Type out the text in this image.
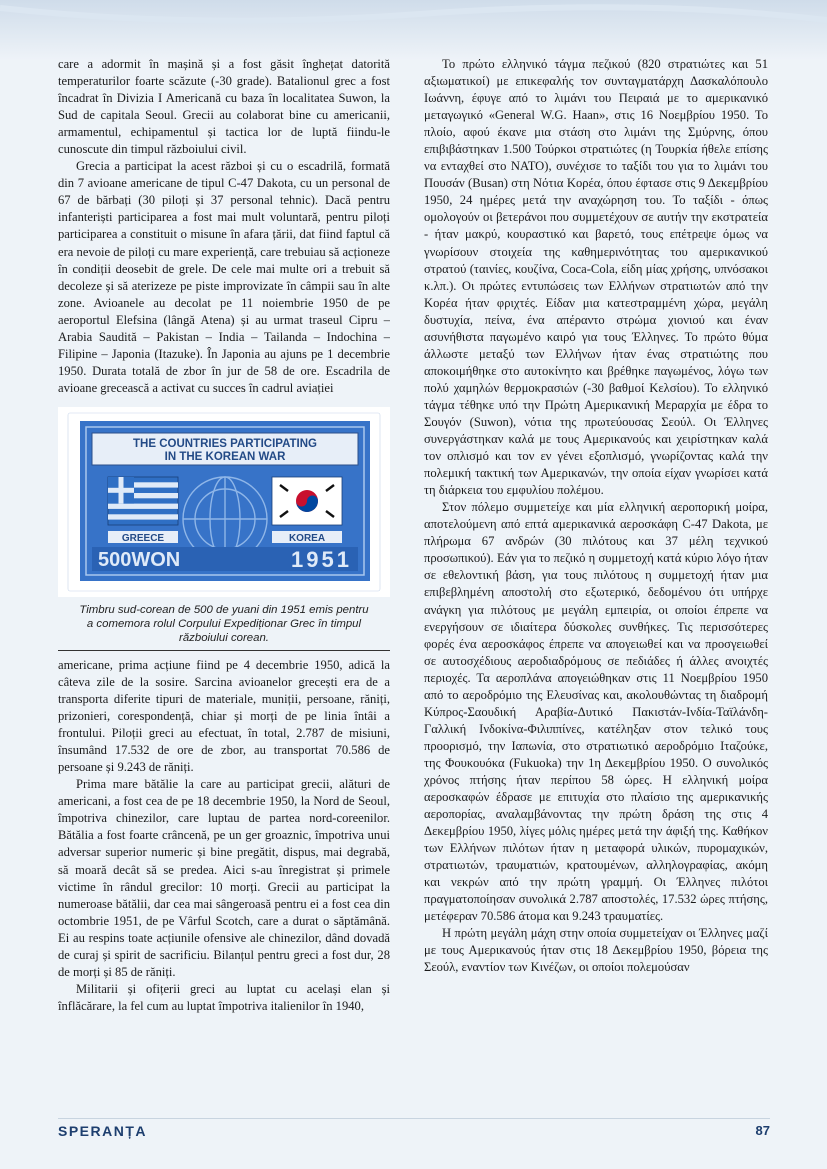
care a adormit în mașină și a fost găsit înghețat datorită temperaturilor foarte scăzute (-30 grade). Batalionul grec a fost încadrat în Divizia I Americană cu baza în localitatea Suwon, la Sud de capitala Seoul. Grecii au colaborat bine cu americanii, armamentul, echipamentul și tactica lor de luptă fiindu-le cunoscute din timpul războiului civil.

Grecia a participat la acest război și cu o escadrilă, formată din 7 avioane americane de tipul C-47 Dakota, cu un personal de 67 de bărbați (30 piloți și 37 personal tehnic). Dacă pentru infanteriști participarea a fost mai mult voluntară, pentru piloți participarea a constituit o misune în afara țării, dat fiind faptul că era nevoie de piloți cu mare experiență, care trebuiau să acționeze în condiții deosebit de grele. De cele mai multe ori a trebuit să decoleze și să aterizeze pe piste improvizate în câmpii sau în alte zone. Avioanele au decolat pe 11 noiembrie 1950 de pe aeroportul Elefsina (lângă Atena) și au urmat traseul Cipru – Arabia Saudită – Pakistan – India – Tailanda – Indochina – Filipine – Japonia (Itazuke). În Japonia au ajuns pe 1 decembrie 1950. Durata totală de zbor în jur de 58 de ore. Escadrila de avioane grecească a activat cu succes în cadrul aviației

THE COUNTRIES PARTICIPATING
IN THE KOREAN WAR
GREECE	KOREA
500WON	1951
Timbru sud-corean de 500 de yuani din 1951 emis pentru
a comemora rolul Corpului Expediționar Grec în timpul
războiului corean.

americane, prima acțiune fiind pe 4 decembrie 1950, adică la câteva zile de la sosire. Sarcina avioanelor grecești era de a transporta diferite tipuri de materiale, muniții, persoane, răniți, prizonieri, corespondență, chiar și morți de pe linia întâi a frontului. Piloții greci au efectuat, în total, 2.787 de misiuni, însumând 17.532 de ore de zbor, au transportat 70.586 de persoane și 9.243 de răniți.

Prima mare bătălie la care au participat grecii, alături de americani, a fost cea de pe 18 decembrie 1950, la Nord de Seoul, împotriva chinezilor, care luptau de partea nord-coreenilor. Bătălia a fost foarte crâncenă, pe un ger groaznic, împotriva unui adversar superior numeric și bine pregătit, dispus, mai degrabă, să moară decât să se predea. Aici s-au înregistrat și primele victime în rândul grecilor: 10 morți. Grecii au participat la numeroase bătălii, dar cea mai sângeroasă pentru ei a fost cea din octombrie 1951, de pe Vârful Scotch, care a durat o săptămână. Ei au respins toate acțiunile ofensive ale chinezilor, dând dovadă de curaj și spirit de sacrificiu. Bilanțul pentru greci a fost dur, 28 de morți și 85 de răniți.

Militarii și ofițerii greci au luptat cu același elan și înflăcărare, la fel cum au luptat împotriva italienilor în 1940,

Το πρώτο ελληνικό τάγμα πεζικού (820 στρατιώτες και 51 αξιωματικοί) με επικεφαλής τον συνταγματάρχη Δασκαλόπουλο Ιωάννη, έφυγε από το λιμάνι του Πειραιά με το αμερικανικό μεταγωγικό «General W.G. Haan», στις 16 Νοεμβρίου 1950. Το πλοίο, αφού έκανε μια στάση στο λιμάνι της Σμύρνης, όπου επιβιβάστηκαν 1.500 Τούρκοι στρατιώτες (η Τουρκία ήθελε επίσης να ενταχθεί στο NATO), συνέχισε το ταξίδι του για το λιμάνι του Πουσάν (Busan) στη Νότια Κορέα, όπου έφτασε στις 9 Δεκεμβρίου 1950, 24 ημέρες μετά την αναχώρηση του. Το ταξίδι - όπως ομολογούν οι βετεράνοι που συμμετέχουν σε αυτήν την εκστρατεία - ήταν μακρύ, κουραστικό και βαρετό, τους επέτρεψε όμως να γνωρίσουν στοιχεία της καθημερινότητας του αμερικανικού στρατού (ταινίες, κουζίνα, Coca-Cola, είδη μίας χρήσης, υπνόσακοι κ.λπ.). Οι πρώτες εντυπώσεις των Ελλήνων στρατιωτών από την Κορέα ήταν φριχτές. Είδαν μια κατεστραμμένη χώρα, μεγάλη δυστυχία, πείνα, ένα απέραντο στρώμα χιονιού και έναν ασυνήθιστα παγωμένο καιρό για τους Έλληνες. Το πρώτο θύμα άλλωστε μεταξύ των Ελλήνων ήταν ένας στρατιώτης που αποκοιμήθηκε στο αυτοκίνητο και βρέθηκε παγωμένος, λόγω των πολύ χαμηλών θερμοκρασιών (-30 βαθμοί Κελσίου). Το ελληνικό τάγμα τέθηκε υπό την Πρώτη Αμερικανική Μεραρχία με έδρα το Σουγόν (Suwon), νότια της πρωτεύουσας Σεούλ. Οι Έλληνες συνεργάστηκαν καλά με τους Αμερικανούς και χειρίστηκαν καλά τον οπλισμό και τον εν γένει εξοπλισμό, γνωρίζοντας καλά την πολεμική τακτική των Αμερικανών, την οποία είχαν γνωρίσει κατά τη διάρκεια του εμφυλίου πολέμου.

Στον πόλεμο συμμετείχε και μία ελληνική αεροπορική μοίρα, αποτελούμενη από επτά αμερικανικά αεροσκάφη C-47 Dakota, με πλήρωμα 67 ανδρών (30 πιλότους και 37 μέλη τεχνικού προσωπικού). Εάν για το πεζικό η συμμετοχή κατά κύριο λόγο ήταν σε εθελοντική βάση, για τους πιλότους η συμμετοχή ήταν μια επιβεβλημένη αποστολή στο εξωτερικό, δεδομένου ότι υπήρχε ανάγκη για πιλότους με μεγάλη εμπειρία, οι οποίοι έπρεπε να ενεργήσουν σε ιδιαίτερα δύσκολες συνθήκες. Τις περισσότερες φορές ένα αεροσκάφος έπρεπε να απογειωθεί και να προσγειωθεί σε αυτοσχέδιους αεροδιαδρόμους σε πεδιάδες ή άλλες ανοιχτές περιοχές. Τα αεροπλάνα απογειώθηκαν στις 11 Νοεμβρίου 1950 από το αεροδρόμιο της Ελευσίνας και, ακολουθώντας τη διαδρομή Κύπρος-Σαουδική Αραβία-Δυτικό Πακιστάν-Ινδία-Ταϊλάνδη-Γαλλική Ινδοκίνα-Φιλιππίνες, κατέληξαν στον τελικό τους προορισμό, την Ιαπωνία, στο στρατιωτικό αεροδρόμιο Ιταζούκε, της Φουκουόκα (Fukuoka) την 1η Δεκεμβρίου 1950. Ο συνολικός χρόνος πτήσης ήταν περίπου 58 ώρες. Η ελληνική μοίρα αεροσκαφών έδρασε με επιτυχία στο πλαίσιο της αμερικανικής αεροπορίας, αναλαμβάνοντας την πρώτη δράση της στις 4 Δεκεμβρίου 1950, λίγες μόλις ημέρες μετά την άφιξή της. Καθήκον των Ελλήνων πιλότων ήταν η μεταφορά υλικών, πυρομαχικών, στρατιωτών, τραυματιών, κρατουμένων, αλληλογραφίας, ακόμη και νεκρών από την πρώτη γραμμή. Οι Έλληνες πιλότοι πραγματοποίησαν συνολικά 2.787 αποστολές, 17.532 ώρες πτήσης, μετέφεραν 70.586 άτομα και 9.243 τραυματίες.

Η πρώτη μεγάλη μάχη στην οποία συμμετείχαν οι Έλληνες μαζί με τους Αμερικανούς ήταν στις 18 Δεκεμβρίου 1950, βόρεια της Σεούλ, εναντίον των Κινέζων, οι οποίοι πολεμούσαν

SPERANȚA	87
